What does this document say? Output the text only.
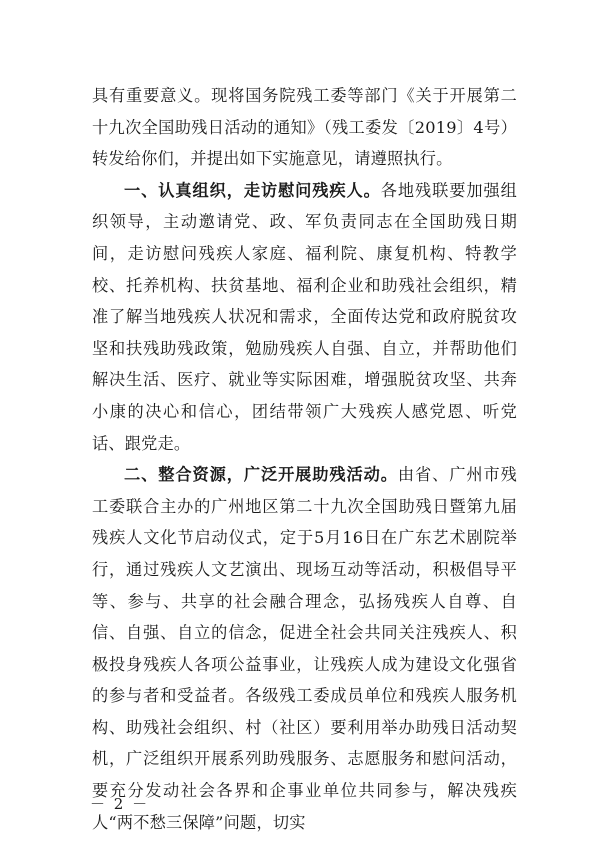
具有重要意义。现将国务院残工委等部门《关于开展第二十九次全国助残日活动的通知》（残工委发〔2019〕4号）转发给你们，并提出如下实施意见，请遵照执行。

一、认真组织，走访慰问残疾人。各地残联要加强组织领导，主动邀请党、政、军负责同志在全国助残日期间，走访慰问残疾人家庭、福利院、康复机构、特教学校、托养机构、扶贫基地、福利企业和助残社会组织，精准了解当地残疾人状况和需求，全面传达党和政府脱贫攻坚和扶残助残政策，勉励残疾人自强、自立，并帮助他们解决生活、医疗、就业等实际困难，增强脱贫攻坚、共奔小康的决心和信心，团结带领广大残疾人感党恩、听党话、跟党走。

二、整合资源，广泛开展助残活动。由省、广州市残工委联合主办的广州地区第二十九次全国助残日暨第九届残疾人文化节启动仪式，定于5月16日在广东艺术剧院举行，通过残疾人文艺演出、现场互动等活动，积极倡导平等、参与、共享的社会融合理念，弘扬残疾人自尊、自信、自强、自立的信念，促进全社会共同关注残疾人、积极投身残疾人各项公益事业，让残疾人成为建设文化强省的参与者和受益者。各级残工委成员单位和残疾人服务机构、助残社会组织、村（社区）要利用举办助残日活动契机，广泛组织开展系列助残服务、志愿服务和慰问活动，要充分发动社会各界和企事业单位共同参与，解决残疾人“两不愁三保障”问题，切实

－ 2 －
